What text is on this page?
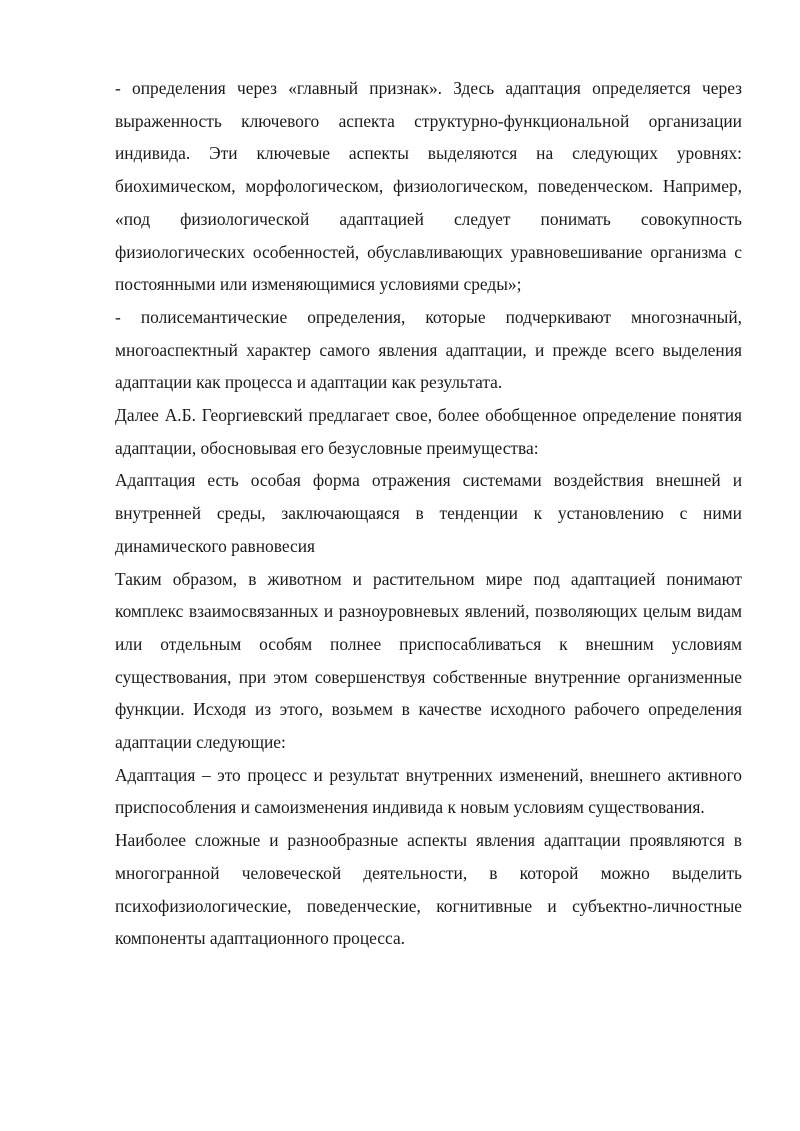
- определения через «главный признак». Здесь адаптация определяется через выраженность ключевого аспекта структурно-функциональной организации индивида. Эти ключевые аспекты выделяются на следующих уровнях: биохимическом, морфологическом, физиологическом, поведенческом. Например, «под физиологической адаптацией следует понимать совокупность физиологических особенностей, обуславливающих уравновешивание организма с постоянными или изменяющимися условиями среды»;

- полисемантические определения, которые подчеркивают многозначный, многоаспектный характер самого явления адаптации, и прежде всего выделения адаптации как процесса и адаптации как результата.

Далее А.Б. Георгиевский предлагает свое, более обобщенное определение понятия адаптации, обосновывая его безусловные преимущества:

Адаптация есть особая форма отражения системами воздействия внешней и внутренней среды, заключающаяся в тенденции к установлению с ними динамического равновесия

Таким образом, в животном и растительном мире под адаптацией понимают комплекс взаимосвязанных и разноуровневых явлений, позволяющих целым видам или отдельным особям полнее приспосабливаться к внешним условиям существования, при этом совершенствуя собственные внутренние организменные функции. Исходя из этого, возьмем в качестве исходного рабочего определения адаптации следующие:

Адаптация – это процесс и результат внутренних изменений, внешнего активного приспособления и самоизменения индивида к новым условиям существования.

Наиболее сложные и разнообразные аспекты явления адаптации проявляются в многогранной человеческой деятельности, в которой можно выделить психофизиологические, поведенческие, когнитивные и субъектно-личностные компоненты адаптационного процесса.
